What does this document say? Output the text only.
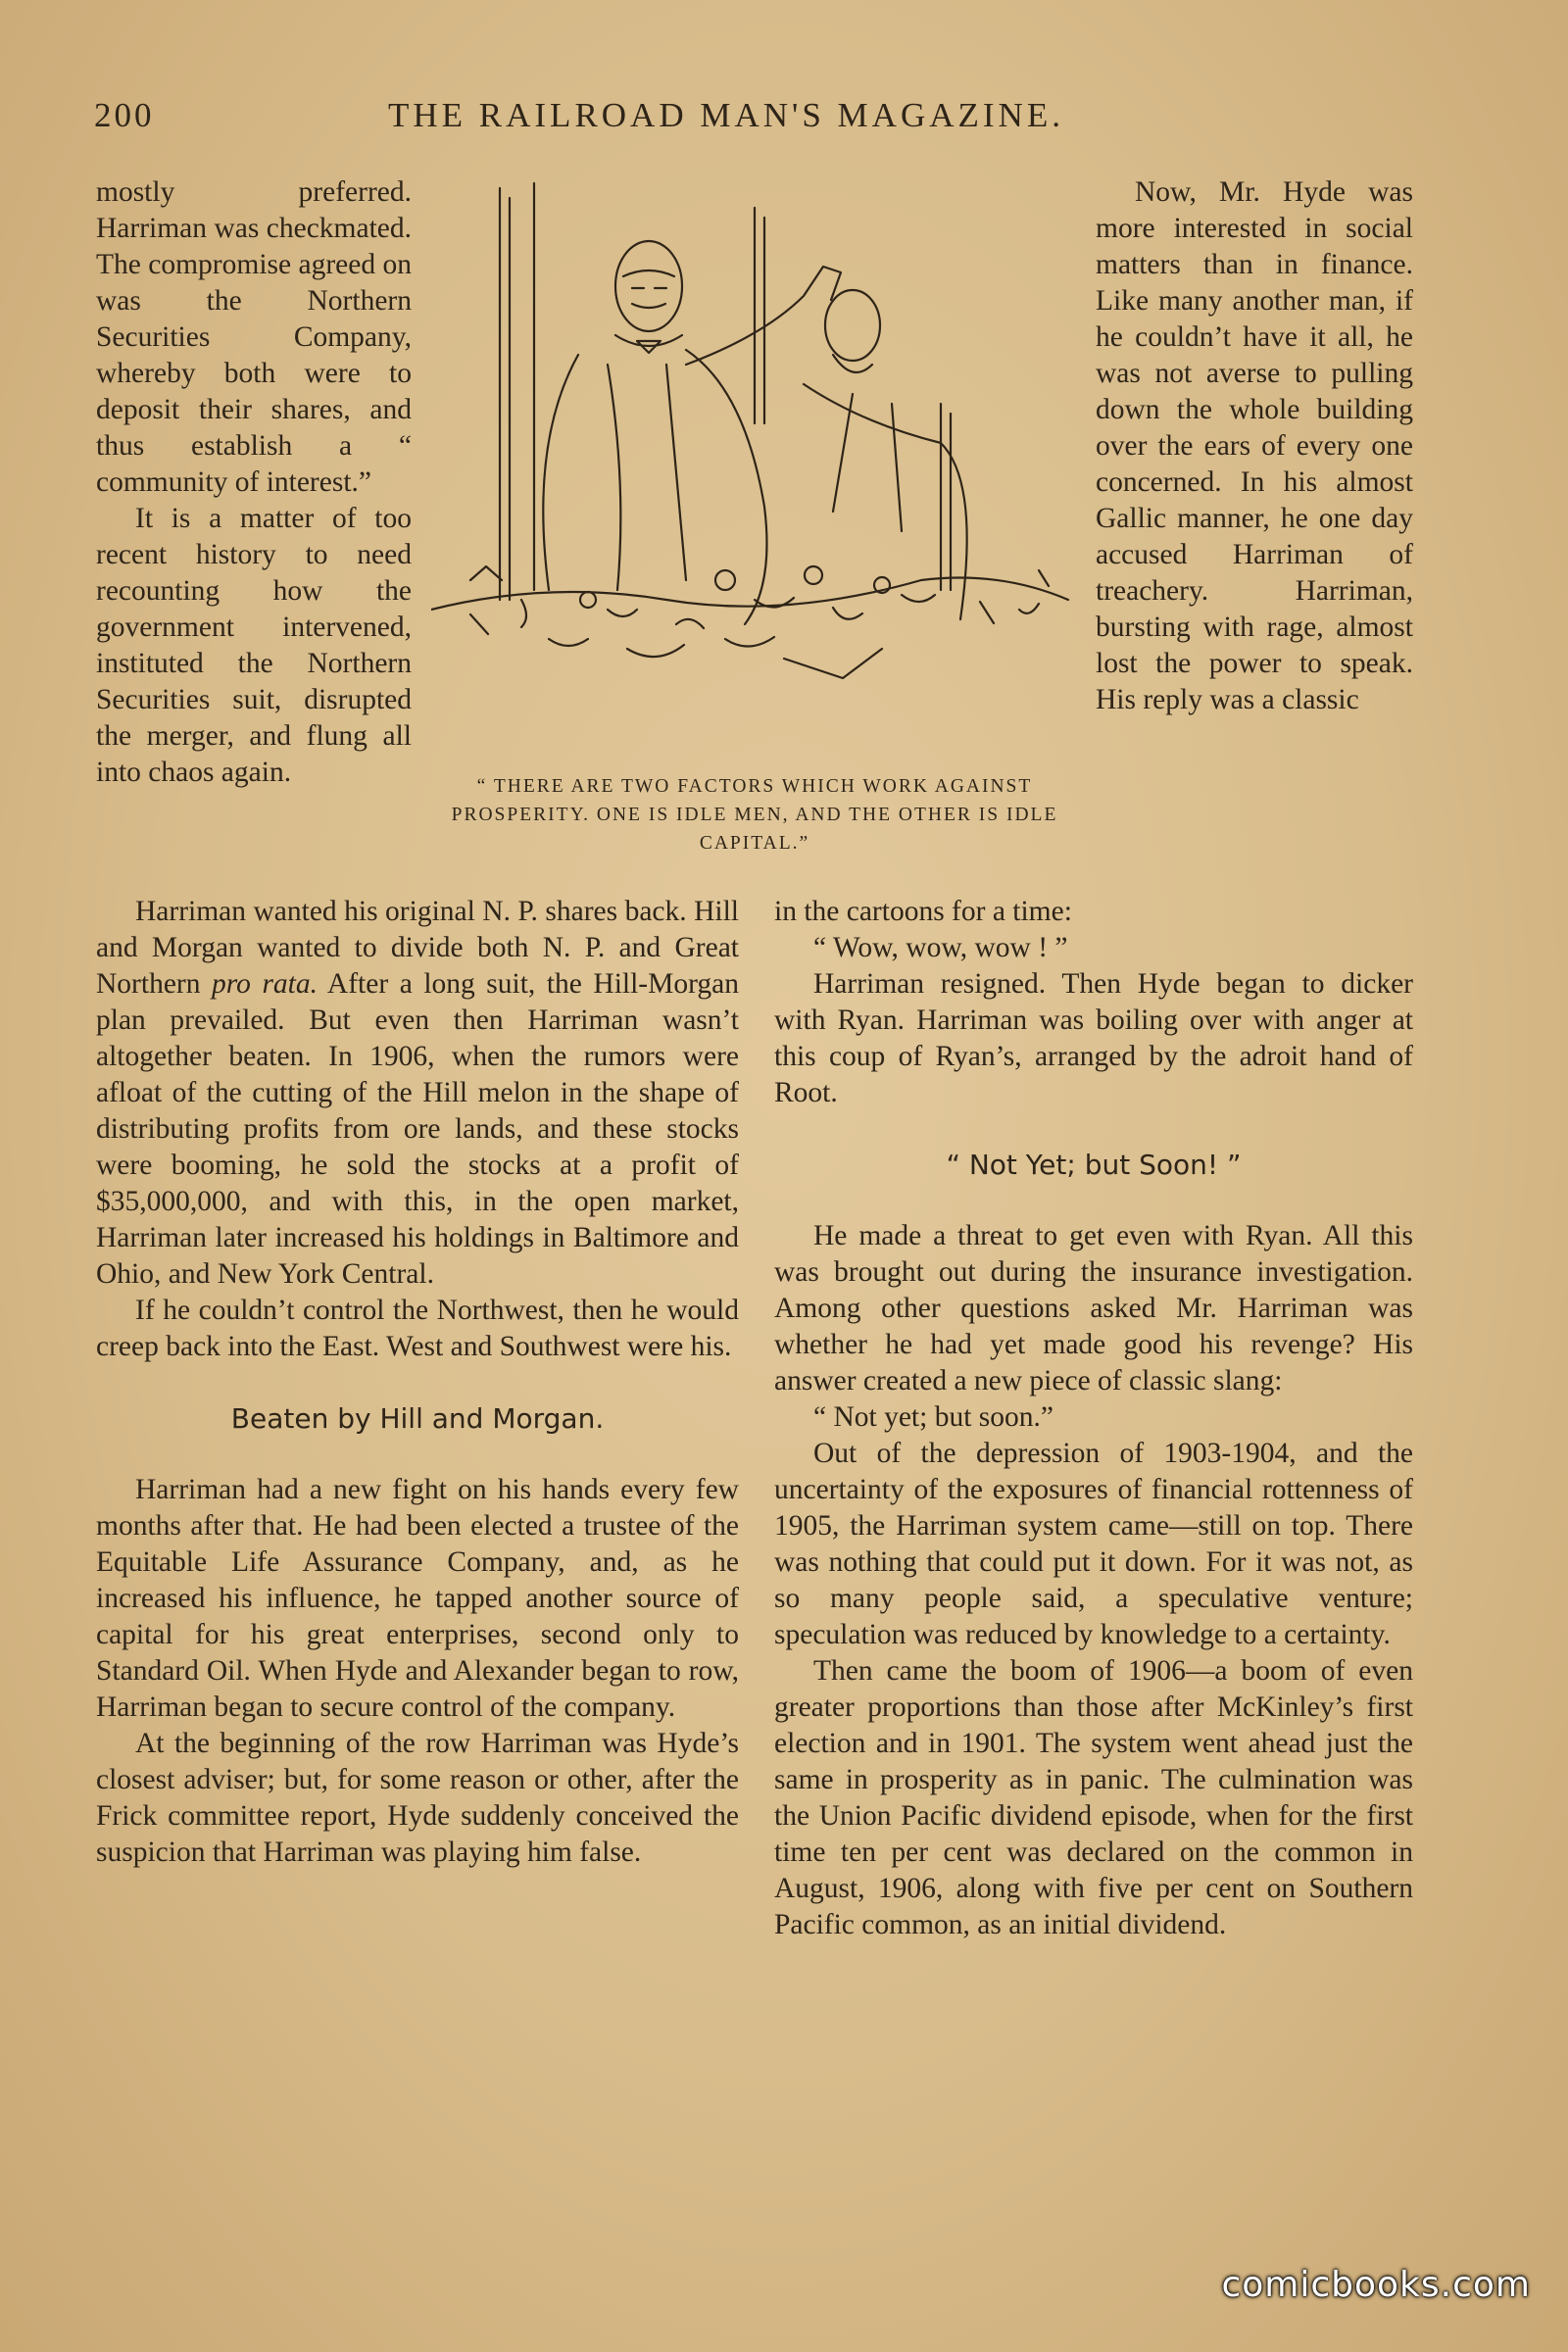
200	THE RAILROAD MAN'S MAGAZINE.

mostly preferred. Harriman was checkmated. The compromise agreed on was the Northern Securities Company, whereby both were to deposit their shares, and thus establish a “ community of interest.”

It is a matter of too recent history to need recounting how the government intervened, instituted the Northern Securities suit, disrupted the merger, and flung all into chaos again.	“ THERE ARE TWO FACTORS WHICH WORK AGAINST PROSPERITY. ONE IS IDLE MEN, AND THE OTHER IS IDLE CAPITAL.”

Now, Mr. Hyde was more interested in social matters than in finance. Like many another man, if he couldn’t have it all, he was not averse to pulling down the whole building over the ears of every one concerned. In his almost Gallic manner, he one day accused Harriman of treachery. Harriman, bursting with rage, almost lost the power to speak. His reply was a classic

Harriman wanted his original N. P. shares back. Hill and Morgan wanted to divide both N. P. and Great Northern pro rata. After a long suit, the Hill-Morgan plan prevailed. But even then Harriman wasn’t altogether beaten. In 1906, when the rumors were afloat of the cutting of the Hill melon in the shape of distributing profits from ore lands, and these stocks were booming, he sold the stocks at a profit of $35,000,000, and with this, in the open market, Harriman later increased his holdings in Baltimore and Ohio, and New York Central.

If he couldn’t control the Northwest, then he would creep back into the East. West and Southwest were his.

Beaten by Hill and Morgan.

Harriman had a new fight on his hands every few months after that. He had been elected a trustee of the Equitable Life Assurance Company, and, as he increased his influence, he tapped another source of capital for his great enterprises, second only to Standard Oil. When Hyde and Alexander began to row, Harriman began to secure control of the company.

At the beginning of the row Harriman was Hyde’s closest adviser; but, for some reason or other, after the Frick committee report, Hyde suddenly conceived the suspicion that Harriman was playing him false.

in the cartoons for a time:

“ Wow, wow, wow ! ”

Harriman resigned. Then Hyde began to dicker with Ryan. Harriman was boiling over with anger at this coup of Ryan’s, arranged by the adroit hand of Root.

“ Not Yet; but Soon! ”

He made a threat to get even with Ryan. All this was brought out during the insurance investigation. Among other questions asked Mr. Harriman was whether he had yet made good his revenge? His answer created a new piece of classic slang:

“ Not yet; but soon.”

Out of the depression of 1903-1904, and the uncertainty of the exposures of financial rottenness of 1905, the Harriman system came—still on top. There was nothing that could put it down. For it was not, as so many people said, a speculative venture; speculation was reduced by knowledge to a certainty.

Then came the boom of 1906—a boom of even greater proportions than those after McKinley’s first election and in 1901. The system went ahead just the same in prosperity as in panic. The culmination was the Union Pacific dividend episode, when for the first time ten per cent was declared on the common in August, 1906, along with five per cent on Southern Pacific common, as an initial dividend.

comicbooks.com
